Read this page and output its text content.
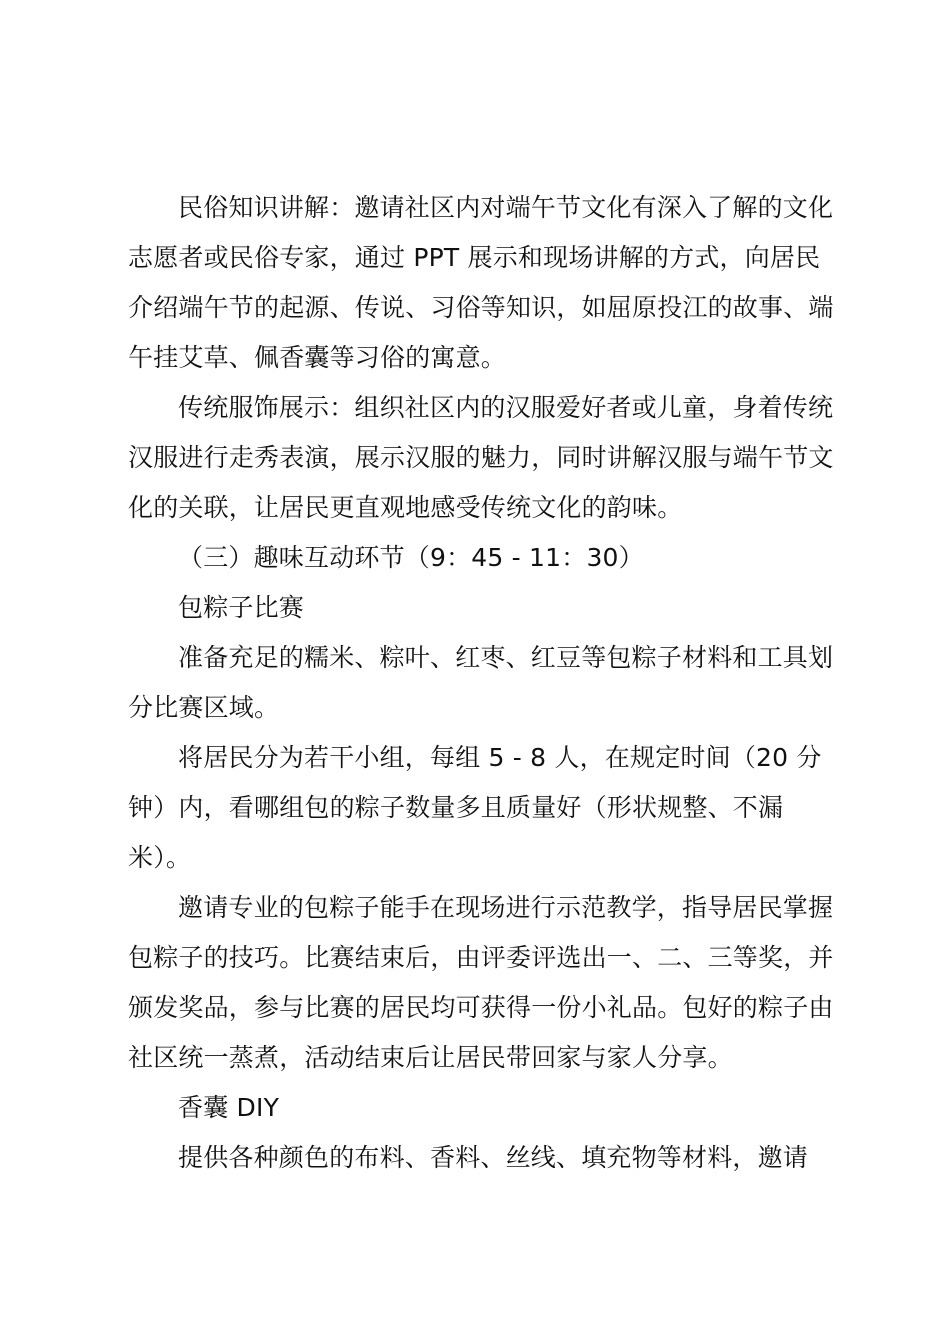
民俗知识讲解：邀请社区内对端午节文化有深入了解的文化志愿者或民俗专家，通过 PPT 展示和现场讲解的方式，向居民介绍端午节的起源、传说、习俗等知识，如屈原投江的故事、端午挂艾草、佩香囊等习俗的寓意。

传统服饰展示：组织社区内的汉服爱好者或儿童，身着传统汉服进行走秀表演，展示汉服的魅力，同时讲解汉服与端午节文化的关联，让居民更直观地感受传统文化的韵味。

（三）趣味互动环节（9：45 - 11：30）

包粽子比赛

准备充足的糯米、粽叶、红枣、红豆等包粽子材料和工具划分比赛区域。

将居民分为若干小组，每组 5 - 8 人，在规定时间（20 分钟）内，看哪组包的粽子数量多且质量好（形状规整、不漏米）。

邀请专业的包粽子能手在现场进行示范教学，指导居民掌握包粽子的技巧。比赛结束后，由评委评选出一、二、三等奖，并颁发奖品，参与比赛的居民均可获得一份小礼品。包好的粽子由社区统一蒸煮，活动结束后让居民带回家与家人分享。

香囊 DIY

提供各种颜色的布料、香料、丝线、填充物等材料，邀请
